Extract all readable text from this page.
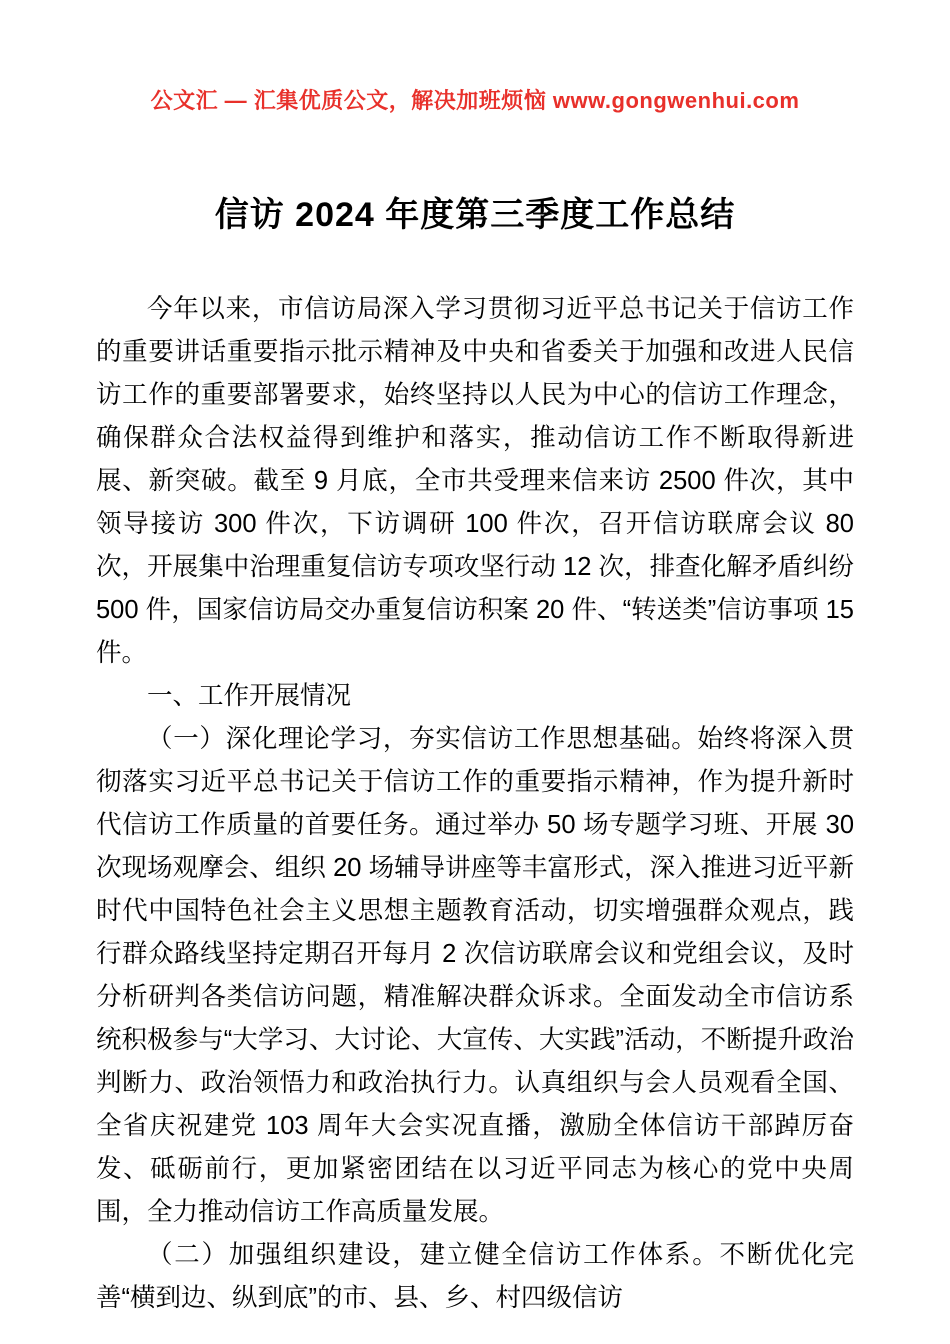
公文汇 — 汇集优质公文，解决加班烦恼 www.gongwenhui.com
信访 2024 年度第三季度工作总结

今年以来，市信访局深入学习贯彻习近平总书记关于信访工作的重要讲话重要指示批示精神及中央和省委关于加强和改进人民信访工作的重要部署要求，始终坚持以人民为中心的信访工作理念，确保群众合法权益得到维护和落实，推动信访工作不断取得新进展、新突破。截至 9 月底，全市共受理来信来访 2500 件次，其中领导接访 300 件次，下访调研 100 件次，召开信访联席会议 80 次，开展集中治理重复信访专项攻坚行动 12 次，排查化解矛盾纠纷 500 件，国家信访局交办重复信访积案 20 件、“转送类”信访事项 15 件。

一、工作开展情况

（一）深化理论学习，夯实信访工作思想基础。始终将深入贯彻落实习近平总书记关于信访工作的重要指示精神，作为提升新时代信访工作质量的首要任务。通过举办 50 场专题学习班、开展 30 次现场观摩会、组织 20 场辅导讲座等丰富形式，深入推进习近平新时代中国特色社会主义思想主题教育活动，切实增强群众观点，践行群众路线坚持定期召开每月 2 次信访联席会议和党组会议，及时分析研判各类信访问题，精准解决群众诉求。全面发动全市信访系统积极参与“大学习、大讨论、大宣传、大实践”活动，不断提升政治判断力、政治领悟力和政治执行力。认真组织与会人员观看全国、全省庆祝建党 103 周年大会实况直播，激励全体信访干部踔厉奋发、砥砺前行，更加紧密团结在以习近平同志为核心的党中央周围，全力推动信访工作高质量发展。

（二）加强组织建设，建立健全信访工作体系。不断优化完善“横到边、纵到底”的市、县、乡、村四级信访
